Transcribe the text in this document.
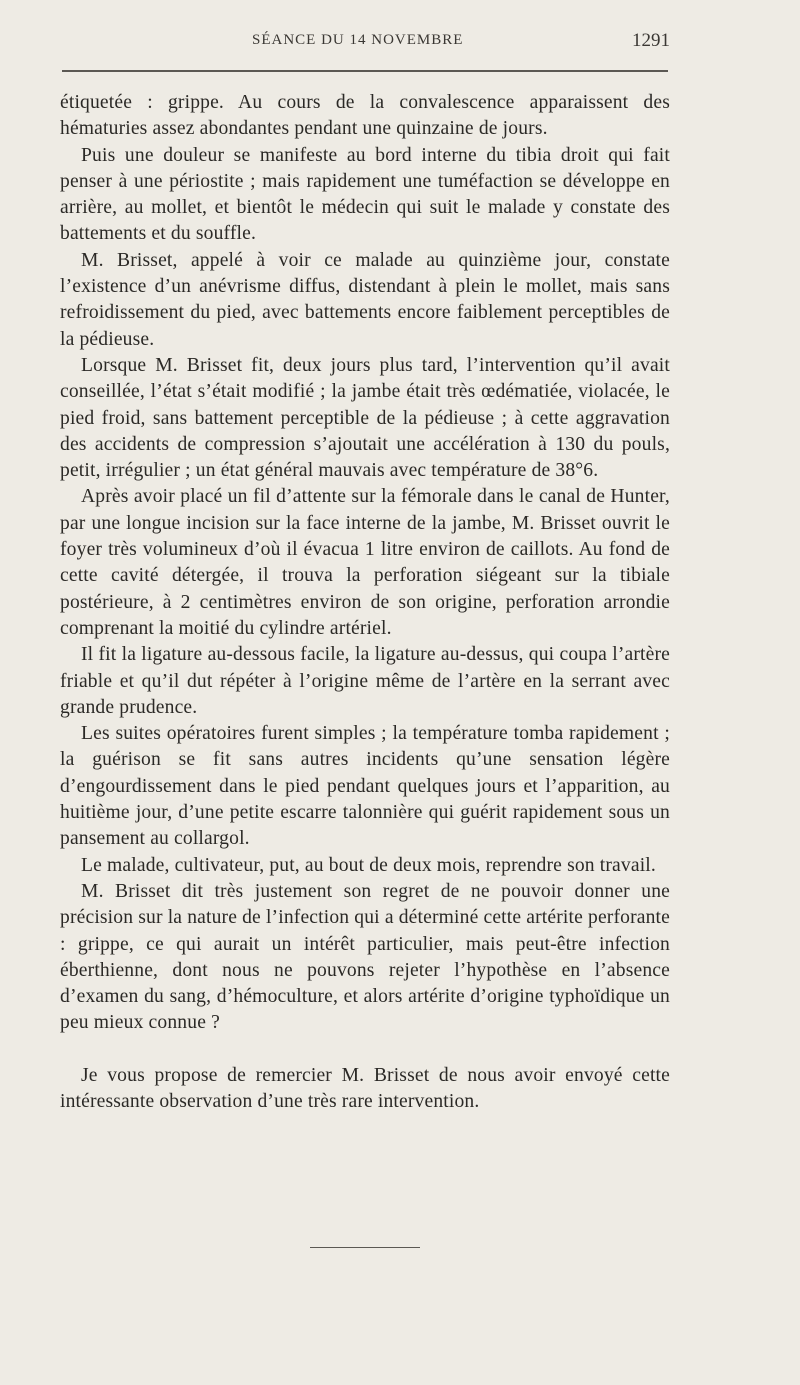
SÉANCE DU 14 NOVEMBRE	1291

étiquetée : grippe. Au cours de la convalescence apparaissent des hématuries assez abondantes pendant une quinzaine de jours.

Puis une douleur se manifeste au bord interne du tibia droit qui fait penser à une périostite ; mais rapidement une tuméfaction se développe en arrière, au mollet, et bientôt le médecin qui suit le malade y constate des battements et du souffle.

M. Brisset, appelé à voir ce malade au quinzième jour, constate l’existence d’un anévrisme diffus, distendant à plein le mollet, mais sans refroidissement du pied, avec battements encore faiblement perceptibles de la pédieuse.

Lorsque M. Brisset fit, deux jours plus tard, l’intervention qu’il avait conseillée, l’état s’était modifié ; la jambe était très œdématiée, violacée, le pied froid, sans battement perceptible de la pédieuse ; à cette aggravation des accidents de compression s’ajoutait une accélération à 130 du pouls, petit, irrégulier ; un état général mauvais avec température de 38°6.

Après avoir placé un fil d’attente sur la fémorale dans le canal de Hunter, par une longue incision sur la face interne de la jambe, M. Brisset ouvrit le foyer très volumineux d’où il évacua 1 litre environ de caillots. Au fond de cette cavité détergée, il trouva la perforation siégeant sur la tibiale postérieure, à 2 centimètres environ de son origine, perforation arrondie comprenant la moitié du cylindre artériel.

Il fit la ligature au-dessous facile, la ligature au-dessus, qui coupa l’artère friable et qu’il dut répéter à l’origine même de l’artère en la serrant avec grande prudence.

Les suites opératoires furent simples ; la température tomba rapidement ; la guérison se fit sans autres incidents qu’une sensation légère d’engourdissement dans le pied pendant quelques jours et l’apparition, au huitième jour, d’une petite escarre talonnière qui guérit rapidement sous un pansement au collargol.

Le malade, cultivateur, put, au bout de deux mois, reprendre son travail.

M. Brisset dit très justement son regret de ne pouvoir donner une précision sur la nature de l’infection qui a déterminé cette artérite perforante : grippe, ce qui aurait un intérêt particulier, mais peut-être infection éberthienne, dont nous ne pouvons rejeter l’hypothèse en l’absence d’examen du sang, d’hémoculture, et alors artérite d’origine typhoïdique un peu mieux connue ?

Je vous propose de remercier M. Brisset de nous avoir envoyé cette intéressante observation d’une très rare intervention.
